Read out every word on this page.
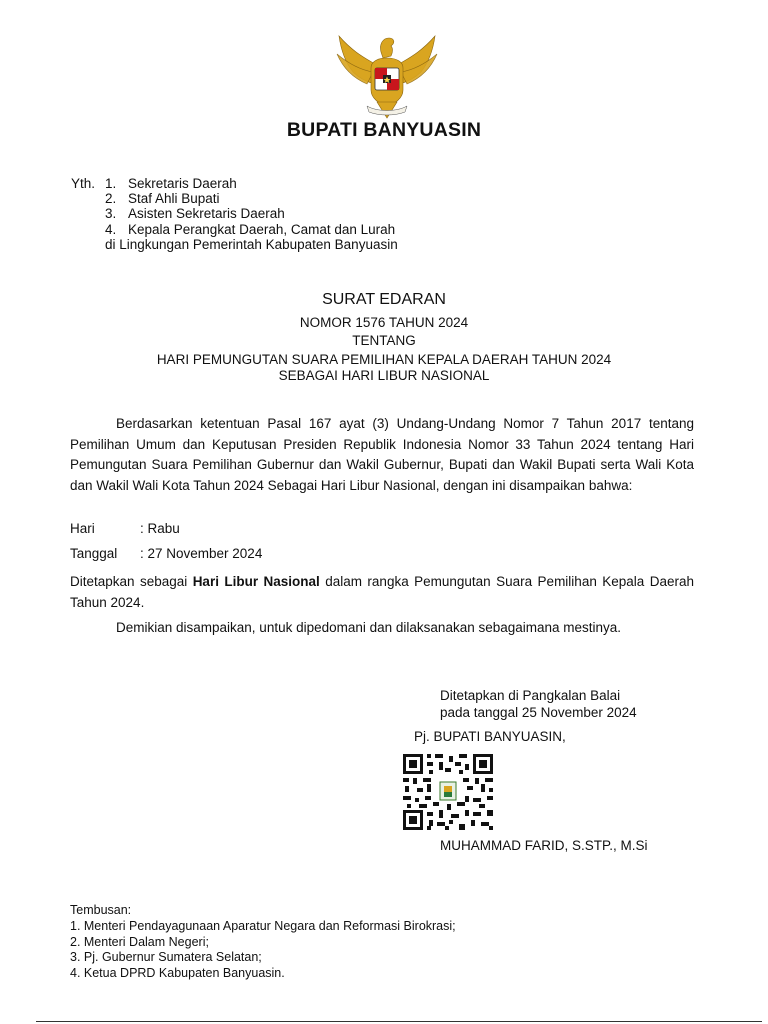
BUPATI BANYUASIN
Yth. 1. Sekretaris Daerah
2. Staf Ahli Bupati
3. Asisten Sekretaris Daerah
4. Kepala Perangkat Daerah, Camat dan Lurah
di Lingkungan Pemerintah Kabupaten Banyuasin
SURAT EDARAN
NOMOR 1576 TAHUN 2024
TENTANG
HARI PEMUNGUTAN SUARA PEMILIHAN KEPALA DAERAH TAHUN 2024
SEBAGAI HARI LIBUR NASIONAL
Berdasarkan ketentuan Pasal 167 ayat (3) Undang-Undang Nomor 7 Tahun 2017 tentang Pemilihan Umum dan Keputusan Presiden Republik Indonesia Nomor 33 Tahun 2024 tentang Hari Pemungutan Suara Pemilihan Gubernur dan Wakil Gubernur, Bupati dan Wakil Bupati serta Wali Kota dan Wakil Wali Kota Tahun 2024 Sebagai Hari Libur Nasional, dengan ini disampaikan bahwa:
Hari	: Rabu
Tanggal	: 27 November 2024
Ditetapkan sebagai Hari Libur Nasional dalam rangka Pemungutan Suara Pemilihan Kepala Daerah Tahun 2024.
Demikian disampaikan, untuk dipedomani dan dilaksanakan sebagaimana mestinya.
Ditetapkan di Pangkalan Balai
pada tanggal 25 November 2024
Pj. BUPATI BANYUASIN,
MUHAMMAD FARID, S.STP., M.Si
Tembusan:
1. Menteri Pendayagunaan Aparatur Negara dan Reformasi Birokrasi;
2. Menteri Dalam Negeri;
3. Pj. Gubernur Sumatera Selatan;
4. Ketua DPRD Kabupaten Banyuasin.
